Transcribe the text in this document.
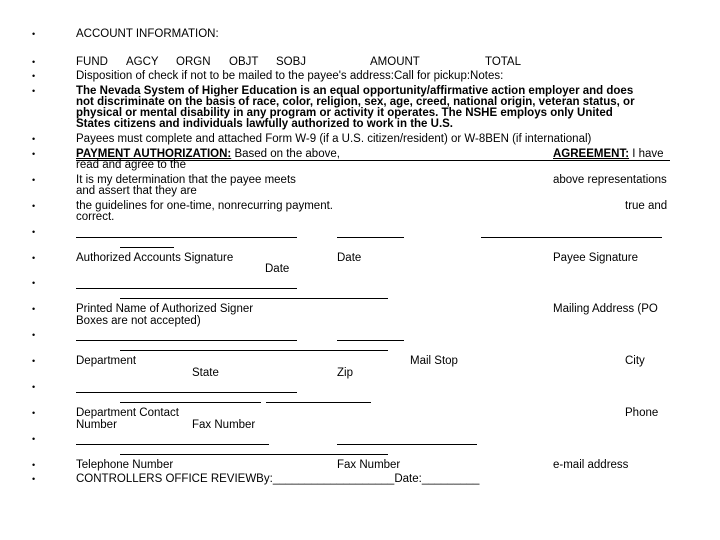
•
•
•
•
•
•
•
•
•
•
•
•
•
•
•
•
•
•
•
ACCOUNT INFORMATION:
FUND AGCY ORGN OBJT SOBJ	AMOUNT	TOTAL
Disposition of check if not to be mailed to the payee's address:Call for pickup:Notes:
The Nevada System of Higher Education is an equal opportunity/affirmative action employer and does
not discriminate on the basis of race, color, religion, sex, age, creed, national origin, veteran status, or
physical or mental disability in any program or activity it operates. The NSHE employs only United
States citizens and individuals lawfully authorized to work in the U.S.
Payees must complete and attached Form W-9 (if a U.S. citizen/resident) or W-8BEN (if international)
PAYMENT AUTHORIZATION: Based on the above,	AGREEMENT: I have
read and agree to the
It is my determination that the payee meets	above representations
and assert that they are
the guidelines for one-time, nonrecurring payment.	true and
correct.
Authorized Accounts Signature	Date	Payee Signature
Date
Printed Name of Authorized Signer	Mailing Address (PO
Boxes are not accepted)
Department	Mail Stop	City
State	Zip
Department Contact	Phone
Number	Fax Number
Telephone Number	Fax Number	e-mail address
CONTROLLERS OFFICE REVIEWBy:___________________Date:_________
